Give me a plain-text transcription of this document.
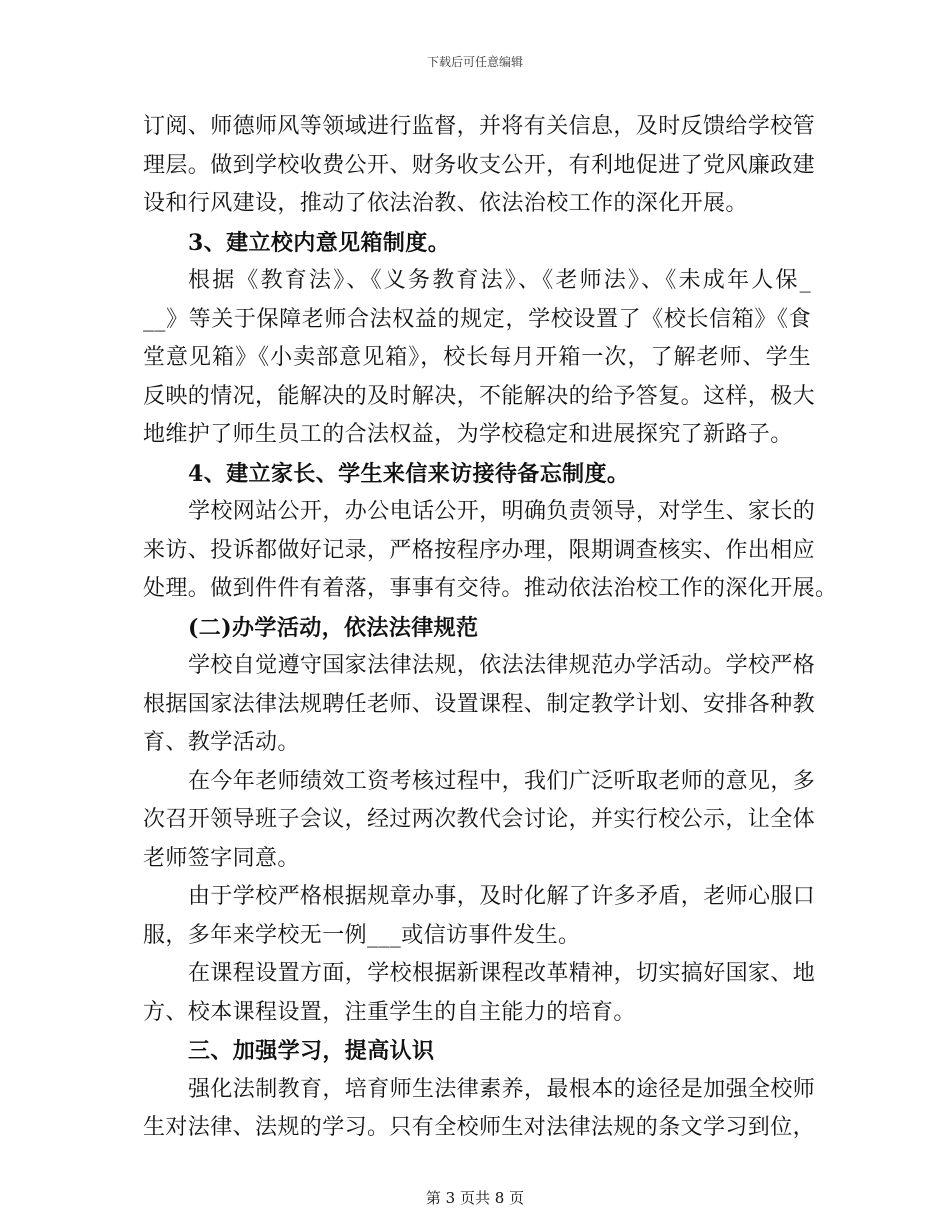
下载后可任意编辑
订阅、师德师风等领域进行监督，并将有关信息，及时反馈给学校管
理层。做到学校收费公开、财务收支公开，有利地促进了党风廉政建
设和行风建设，推动了依法治教、依法治校工作的深化开展。
3、建立校内意见箱制度。
根据《教育法》、《义务教育法》、《老师法》、《未成年人保_
__》等关于保障老师合法权益的规定，学校设置了《校长信箱》《食
堂意见箱》《小卖部意见箱》，校长每月开箱一次，了解老师、学生
反映的情况，能解决的及时解决，不能解决的给予答复。这样，极大
地维护了师生员工的合法权益，为学校稳定和进展探究了新路子。
4、建立家长、学生来信来访接待备忘制度。
学校网站公开，办公电话公开，明确负责领导，对学生、家长的
来访、投诉都做好记录，严格按程序办理，限期调查核实、作出相应
处理。做到件件有着落，事事有交待。推动依法治校工作的深化开展。
(二)办学活动，依法法律规范
学校自觉遵守国家法律法规，依法法律规范办学活动。学校严格
根据国家法律法规聘任老师、设置课程、制定教学计划、安排各种教
育、教学活动。
在今年老师绩效工资考核过程中，我们广泛听取老师的意见，多
次召开领导班子会议，经过两次教代会讨论，并实行校公示，让全体
老师签字同意。
由于学校严格根据规章办事，及时化解了许多矛盾，老师心服口
服，多年来学校无一例___或信访事件发生。
在课程设置方面，学校根据新课程改革精神，切实搞好国家、地
方、校本课程设置，注重学生的自主能力的培育。
三、加强学习，提高认识
强化法制教育，培育师生法律素养，最根本的途径是加强全校师
生对法律、法规的学习。只有全校师生对法律法规的条文学习到位，
第 3 页共 8 页
